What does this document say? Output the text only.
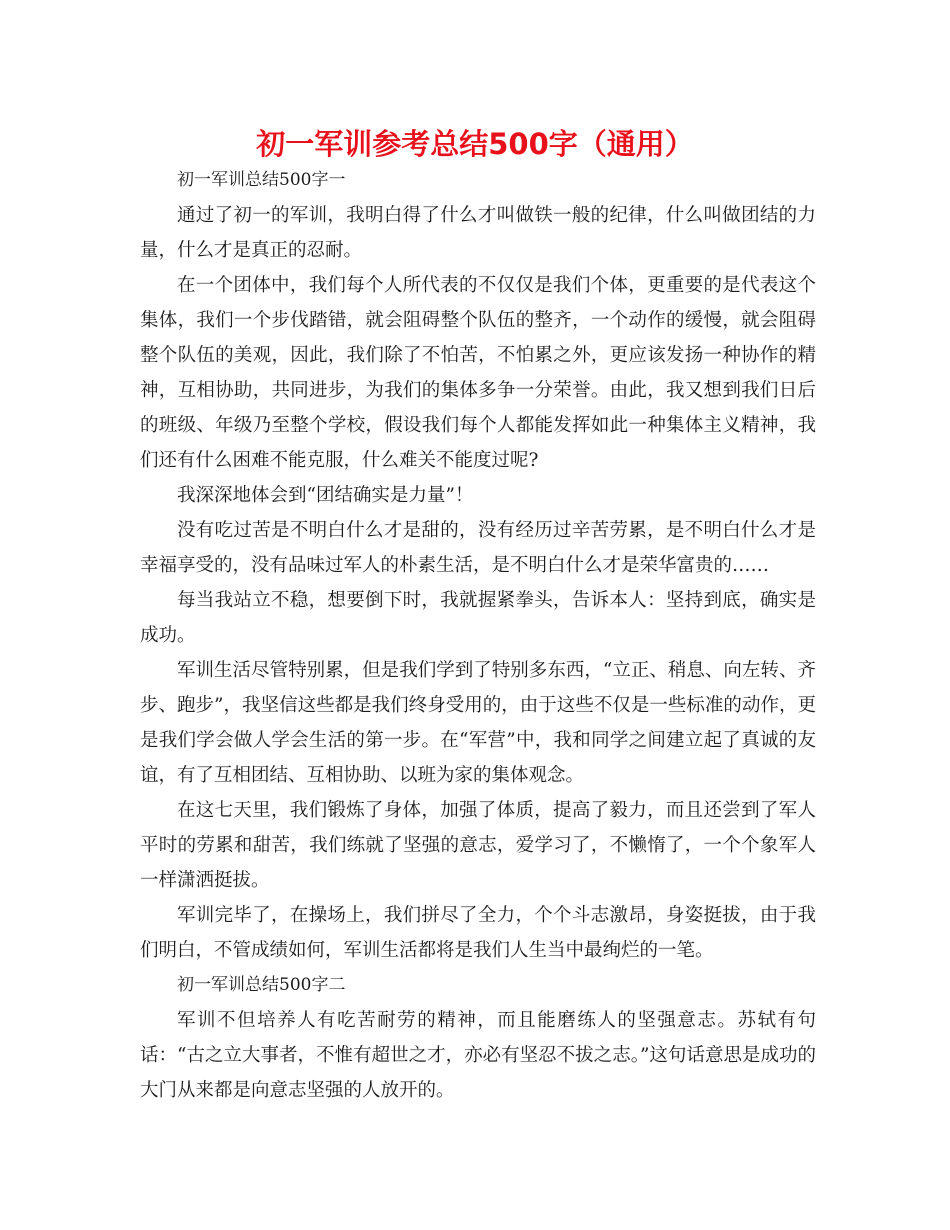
初一军训参考总结500字（通用）

初一军训总结500字一

通过了初一的军训，我明白得了什么才叫做铁一般的纪律，什么叫做团结的力量，什么才是真正的忍耐。

在一个团体中，我们每个人所代表的不仅仅是我们个体，更重要的是代表这个集体，我们一个步伐踏错，就会阻碍整个队伍的整齐，一个动作的缓慢，就会阻碍整个队伍的美观，因此，我们除了不怕苦，不怕累之外，更应该发扬一种协作的精神，互相协助，共同进步，为我们的集体多争一分荣誉。由此，我又想到我们日后的班级、年级乃至整个学校，假设我们每个人都能发挥如此一种集体主义精神，我们还有什么困难不能克服，什么难关不能度过呢?

我深深地体会到“团结确实是力量”！

没有吃过苦是不明白什么才是甜的，没有经历过辛苦劳累，是不明白什么才是幸福享受的，没有品味过军人的朴素生活，是不明白什么才是荣华富贵的……

每当我站立不稳，想要倒下时，我就握紧拳头，告诉本人：坚持到底，确实是成功。

军训生活尽管特别累，但是我们学到了特别多东西，“立正、稍息、向左转、齐步、跑步”，我坚信这些都是我们终身受用的，由于这些不仅是一些标准的动作，更是我们学会做人学会生活的第一步。在“军营”中，我和同学之间建立起了真诚的友谊，有了互相团结、互相协助、以班为家的集体观念。

在这七天里，我们锻炼了身体，加强了体质，提高了毅力，而且还尝到了军人平时的劳累和甜苦，我们练就了坚强的意志，爱学习了，不懒惰了，一个个象军人一样潇洒挺拔。

军训完毕了，在操场上，我们拼尽了全力，个个斗志激昂，身姿挺拔，由于我们明白，不管成绩如何，军训生活都将是我们人生当中最绚烂的一笔。

初一军训总结500字二

军训不但培养人有吃苦耐劳的精神，而且能磨练人的坚强意志。苏轼有句话：“古之立大事者，不惟有超世之才，亦必有坚忍不拔之志。”这句话意思是成功的大门从来都是向意志坚强的人放开的。
